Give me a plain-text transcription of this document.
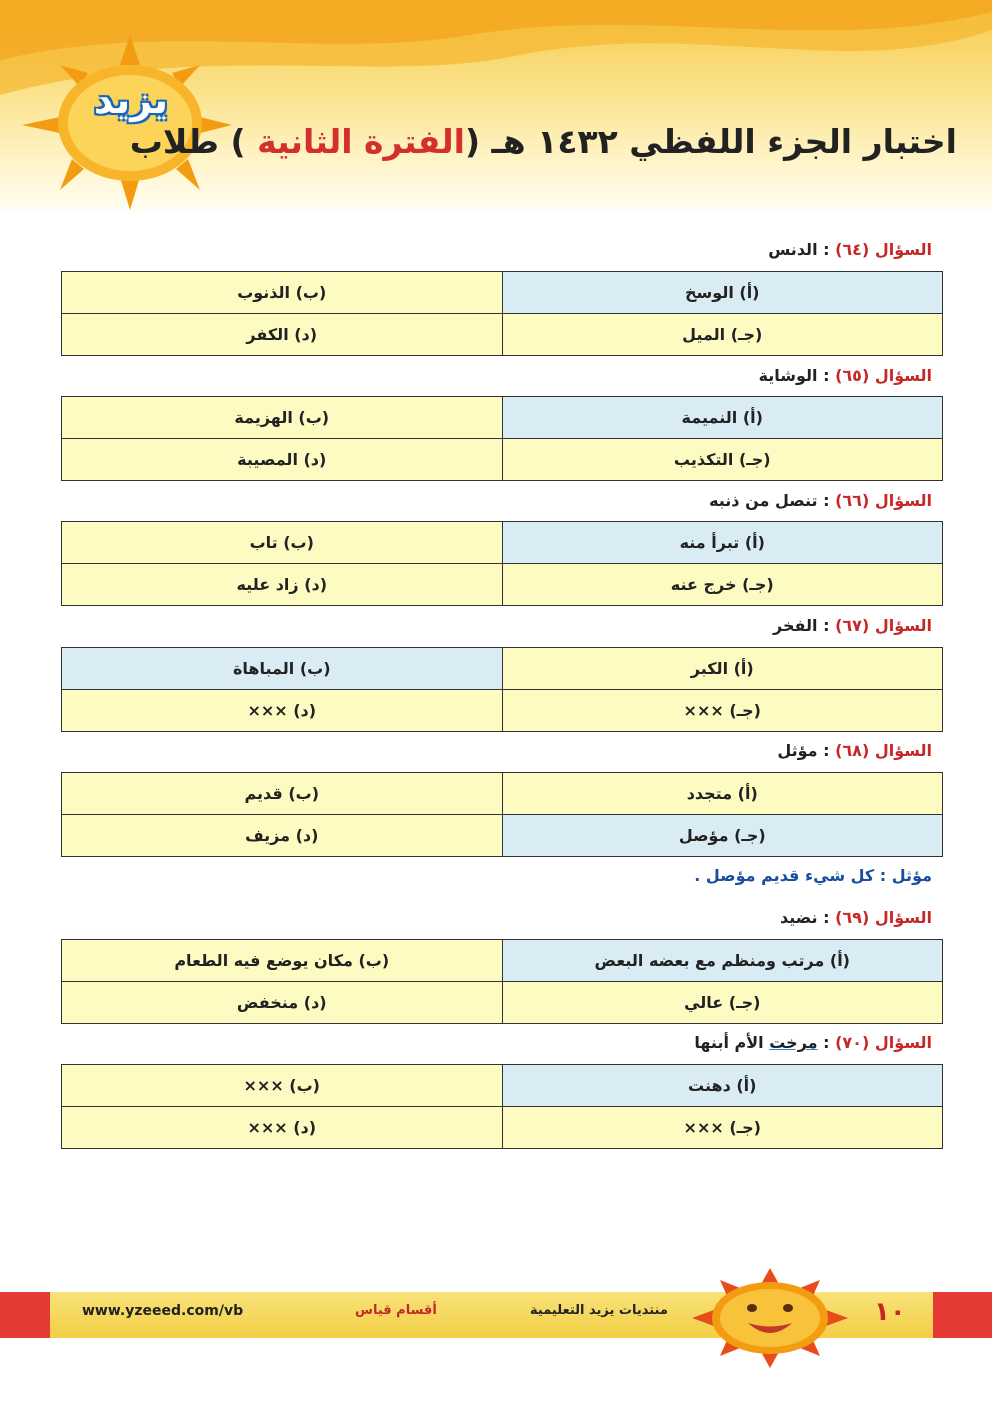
يزيد
اختبار الجزء اللفظي ١٤٣٢ هـ (الفترة الثانية ) طلاب
السؤال (٦٤) : الدنس
(أ) الوسخ	(ب) الذنوب
(جـ) الميل	(د) الكفر
السؤال (٦٥) : الوشاية
(أ) النميمة	(ب) الهزيمة
(جـ) التكذيب	(د) المصيبة
السؤال (٦٦) : تنصل من ذنبه
(أ) تبرأ منه	(ب) تاب
(جـ) خرج عنه	(د) زاد عليه
السؤال (٦٧) : الفخر
(أ) الكبر	(ب) المباهاة
(جـ) ×××	(د) ×××
السؤال (٦٨) : مؤثل
(أ) متجدد	(ب) قديم
(جـ) مؤصل	(د) مزيف
مؤثل : كل شيء قديم مؤصل .
السؤال (٦٩) : نضيد
(أ) مرتب ومنظم مع بعضه البعض	(ب) مكان يوضع فيه الطعام
(جـ) عالي	(د) منخفض
السؤال (٧٠) : مرخت الأم أبنها
(أ) دهنت	(ب) ×××
(جـ) ×××	(د) ×××
www.yzeeed.com/vb	أقسام قياس	منتديات يزيد التعليمية	١٠
